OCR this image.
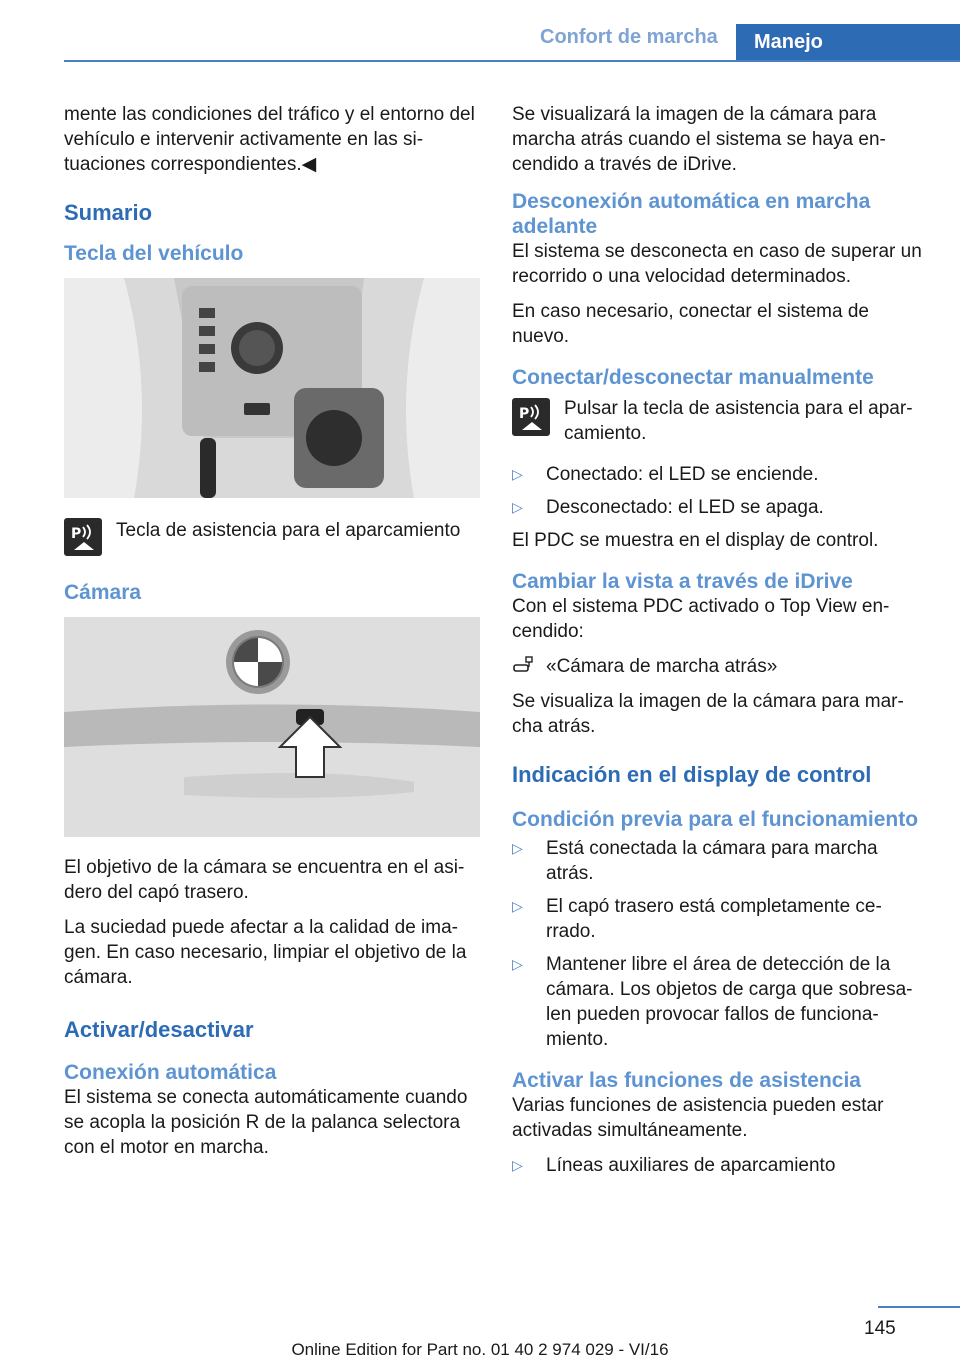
Confort de marcha	Manejo

mente las condiciones del tráfico y el entorno del vehículo e intervenir activamente en las si‐tuaciones correspondientes.◀

Sumario
Tecla del vehículo
P Tecla de asistencia para el aparcamiento

Cámara

El objetivo de la cámara se encuentra en el asi‐dero del capó trasero.

La suciedad puede afectar a la calidad de ima‐gen. En caso necesario, limpiar el objetivo de la cámara.

Activar/desactivar
Conexión automática

El sistema se conecta automáticamente cuando se acopla la posición R de la palanca selectora con el motor en marcha.

Se visualizará la imagen de la cámara para marcha atrás cuando el sistema se haya en‐cendido a través de iDrive.

Desconexión automática en marcha adelante

El sistema se desconecta en caso de superar un recorrido o una velocidad determinados.

En caso necesario, conectar el sistema de nuevo.

Conectar/desconectar manualmente
P Pulsar la tecla de asistencia para el apar‐camiento.

▷ Conectado: el LED se enciende.
▷ Desconectado: el LED se apaga.

El PDC se muestra en el display de control.

Cambiar la vista a través de iDrive

Con el sistema PDC activado o Top View en‐cendido:

«Cámara de marcha atrás»

Se visualiza la imagen de la cámara para mar‐cha atrás.

Indicación en el display de control
Condición previa para el funcionamiento
▷ Está conectada la cámara para marcha atrás.
▷ El capó trasero está completamente ce‐rrado.
▷ Mantener libre el área de detección de la cámara. Los objetos de carga que sobresa‐len pueden provocar fallos de funciona‐miento.
Activar las funciones de asistencia

Varias funciones de asistencia pueden estar activadas simultáneamente.

▷ Líneas auxiliares de aparcamiento
145
Online Edition for Part no. 01 40 2 974 029 - VI/16
